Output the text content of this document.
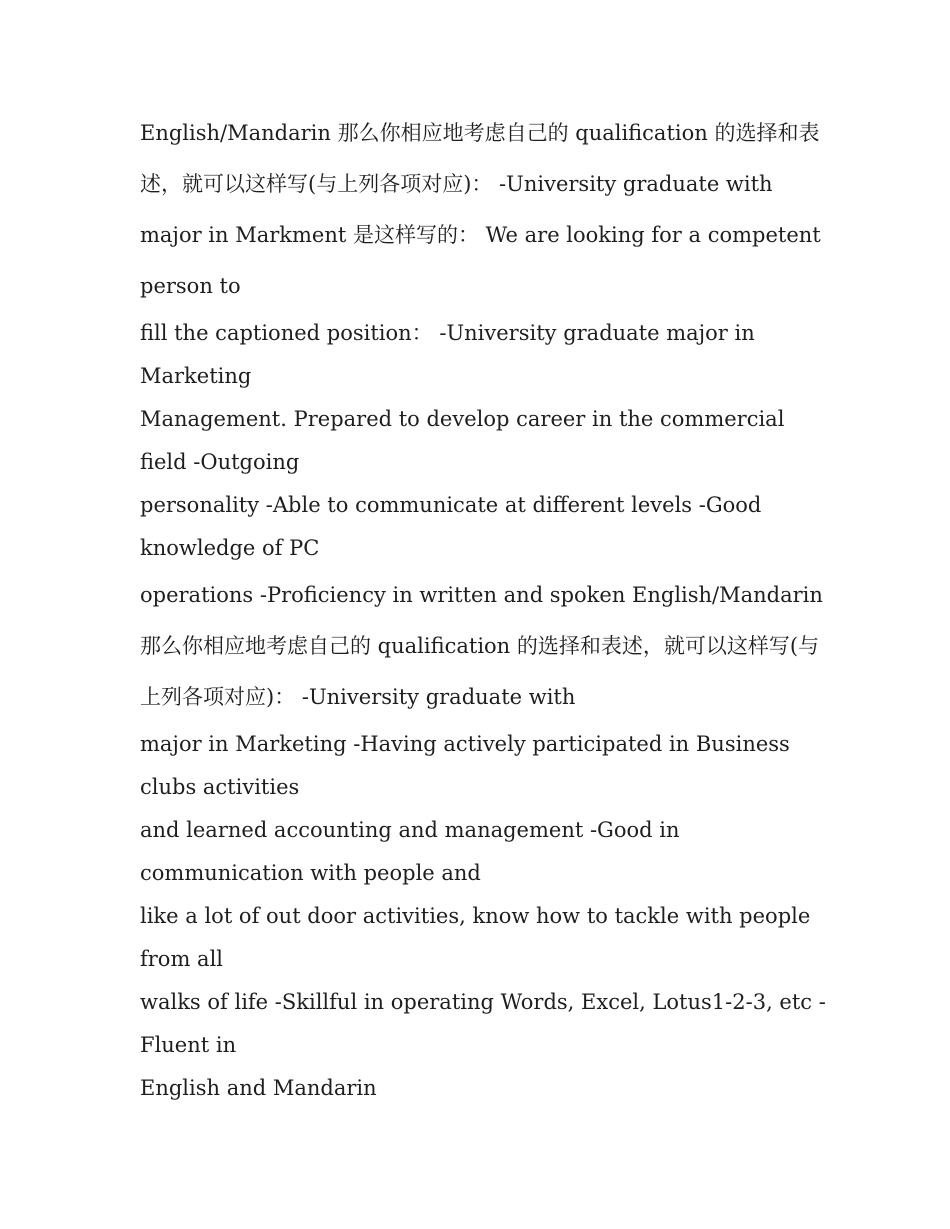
English/Mandarin 那么你相应地考虑自己的 qualification 的选择和表述，就可以这样写(与上列各项对应)： -University graduate with major in Markment 是这样写的： We are looking for a competent person to

fill the captioned position： -University graduate major in Marketing

Management. Prepared to develop career in the commercial field -Outgoing

personality -Able to communicate at different levels -Good knowledge of PC

operations -Proficiency in written and spoken English/Mandarin 那么你相应地考虑自己的 qualification 的选择和表述，就可以这样写(与上列各项对应)： -University graduate with

major in Marketing -Having actively participated in Business clubs activities

and learned accounting and management -Good in communication with people and

like a lot of out door activities, know how to tackle with people from all

walks of life -Skillful in operating Words, Excel, Lotus1-2-3, etc -Fluent in

English and Mandarin
